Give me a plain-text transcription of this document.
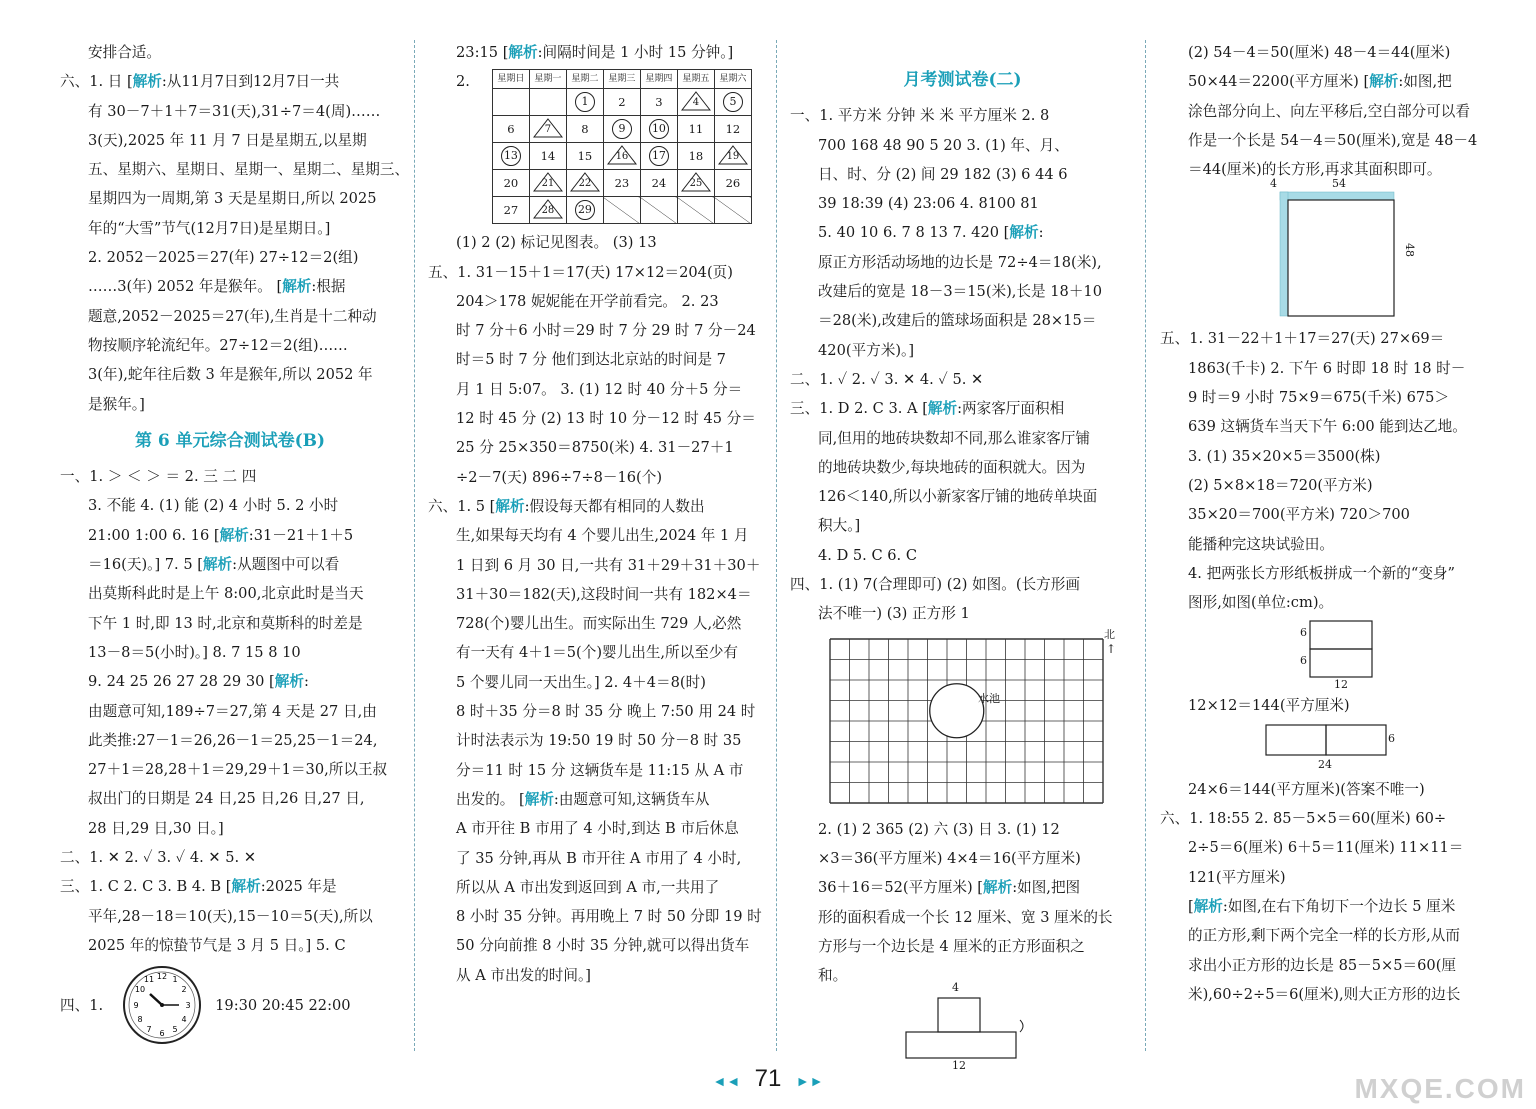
安排合适。

六、1. 日 [解析:从11月7日到12月7日一共

有 30－7＋1＋7＝31(天),31÷7＝4(周)……

3(天),2025 年 11 月 7 日是星期五,以星期

五、星期六、星期日、星期一、星期二、星期三、

星期四为一周期,第 3 天是星期日,所以 2025

年的“大雪”节气(12月7日)是星期日。]

2. 2052－2025＝27(年) 27÷12＝2(组)

……3(年) 2052 年是猴年。 [解析:根据

题意,2052－2025＝27(年),生肖是十二种动

物按顺序轮流纪年。27÷12＝2(组)……

3(年),蛇年往后数 3 年是猴年,所以 2052 年

是猴年。]

第 6 单元综合测试卷(B)

一、1. ＞ ＜ ＞ ＝ 2. 三 二 四

3. 不能 4. (1) 能 (2) 4 小时 5. 2 小时

21:00 1:00 6. 16 [解析:31－21＋1＋5

＝16(天)。] 7. 5 [解析:从题图中可以看

出莫斯科此时是上午 8:00,北京此时是当天

下午 1 时,即 13 时,北京和莫斯科的时差是

13－8＝5(小时)。] 8. 7 15 8 10

9. 24 25 26 27 28 29 30 [解析:

由题意可知,189÷7＝27,第 4 天是 27 日,由

此类推:27－1＝26,26－1＝25,25－1＝24,

27＋1＝28,28＋1＝29,29＋1＝30,所以王叔

叔出门的日期是 24 日,25 日,26 日,27 日,

28 日,29 日,30 日。]

二、1. ✕ 2. ✓ 3. ✓ 4. ✕ 5. ✕

三、1. C 2. C 3. B 4. B [解析:2025 年是

平年,28－18＝10(天),15－10＝5(天),所以

2025 年的惊蛰节气是 3 月 5 日。] 5. C

四、1.
12 1
2
3
4
5
6
7
8
9
10
11
19:30 20:45 22:00

23:15 [解析:间隔时间是 1 小时 15 分钟。]

2.	星期日	星期一	星期二	星期三	星期四	星期五	星期六
		1	2	3	4	5
6	7	8	9	10	11	12
13	14	15	16	17	18	19

20	21	22	23	24	25	26
27	28	29				

(1) 2 (2) 标记见图表。 (3) 13

五、1. 31－15＋1＝17(天) 17×12＝204(页)

204＞178 妮妮能在开学前看完。 2. 23

时 7 分＋6 小时＝29 时 7 分 29 时 7 分－24

时＝5 时 7 分 他们到达北京站的时间是 7

月 1 日 5:07。 3. (1) 12 时 40 分＋5 分＝

12 时 45 分 (2) 13 时 10 分－12 时 45 分＝

25 分 25×350＝8750(米) 4. 31－27＋1

÷2－7(天) 896÷7÷8－16(个)

六、1. 5 [解析:假设每天都有相同的人数出

生,如果每天均有 4 个婴儿出生,2024 年 1 月

1 日到 6 月 30 日,一共有 31＋29＋31＋30＋

31＋30＝182(天),这段时间一共有 182×4＝

728(个)婴儿出生。而实际出生 729 人,必然

有一天有 4＋1＝5(个)婴儿出生,所以至少有

5 个婴儿同一天出生。] 2. 4＋4＝8(时)

8 时＋35 分＝8 时 35 分 晚上 7:50 用 24 时

计时法表示为 19:50 19 时 50 分－8 时 35

分＝11 时 15 分 这辆货车是 11:15 从 A 市

出发的。 [解析:由题意可知,这辆货车从

A 市开往 B 市用了 4 小时,到达 B 市后休息

了 35 分钟,再从 B 市开往 A 市用了 4 小时,

所以从 A 市出发到返回到 A 市,一共用了

8 小时 35 分钟。再用晚上 7 时 50 分即 19 时

50 分向前推 8 小时 35 分钟,就可以得出货车

从 A 市出发的时间。]

月考测试卷(二)

一、1. 平方米 分钟 米 米 平方厘米 2. 8

700 168 48 90 5 20 3. (1) 年、月、

日、时、分 (2) 间 29 182 (3) 6 44 6

39 18:39 (4) 23:06 4. 8100 81

5. 40 10 6. 7 8 13 7. 420 [解析:

原正方形活动场地的边长是 72÷4＝18(米),

改建后的宽是 18－3＝15(米),长是 18＋10

＝28(米),改建后的篮球场面积是 28×15＝

420(平方米)。]

二、1. ✓ 2. ✓ 3. ✕ 4. ✓ 5. ✕

三、1. D 2. C 3. A [解析:两家客厅面积相

同,但用的地砖块数却不同,那么谁家客厅铺

的地砖块数少,每块地砖的面积就大。因为

126＜140,所以小新家客厅铺的地砖单块面

积大。]

4. D 5. C 6. C

四、1. (1) 7(合理即可) (2) 如图。(长方形画

法不唯一) (3) 正方形 1

水池
北
↑

2. (1) 2 365 (2) 六 (3) 日 3. (1) 12

×3＝36(平方厘米) 4×4＝16(平方厘米)

36＋16＝52(平方厘米) [解析:如图,把图

形的面积看成一个长 12 厘米、宽 3 厘米的长

方形与一个边长是 4 厘米的正方形面积之

和。

4
12

(2) 54－4＝50(厘米) 48－4＝44(厘米)

50×44＝2200(平方厘米) [解析:如图,把

涂色部分向上、向左平移后,空白部分可以看

作是一个长是 54－4＝50(厘米),宽是 48－4

＝44(厘米)的长方形,再求其面积即可。

4	54
48

五、1. 31－22＋1＋17＝27(天) 27×69＝

1863(千卡) 2. 下午 6 时即 18 时 18 时－

9 时＝9 小时 75×9＝675(千米) 675＞

639 这辆货车当天下午 6:00 能到达乙地。

3. (1) 35×20×5＝3500(株)

(2) 5×8×18＝720(平方米)

35×20＝700(平方米) 720＞700

能播种完这块试验田。

4. 把两张长方形纸板拼成一个新的“变身”

图形,如图(单位:cm)。

6
6
12

12×12＝144(平方厘米)

6
24

24×6＝144(平方厘米)(答案不唯一)

六、1. 18:55 2. 85－5×5＝60(厘米) 60÷

2÷5＝6(厘米) 6＋5＝11(厘米) 11×11＝

121(平方厘米)

[解析:如图,在右下角切下一个边长 5 厘米

的正方形,剩下两个完全一样的长方形,从而

求出小正方形的边长是 85－5×5＝60(厘

米),60÷2÷5＝6(厘米),则大正方形的边长

◄◄ 71 ►►	MXQE.COM
